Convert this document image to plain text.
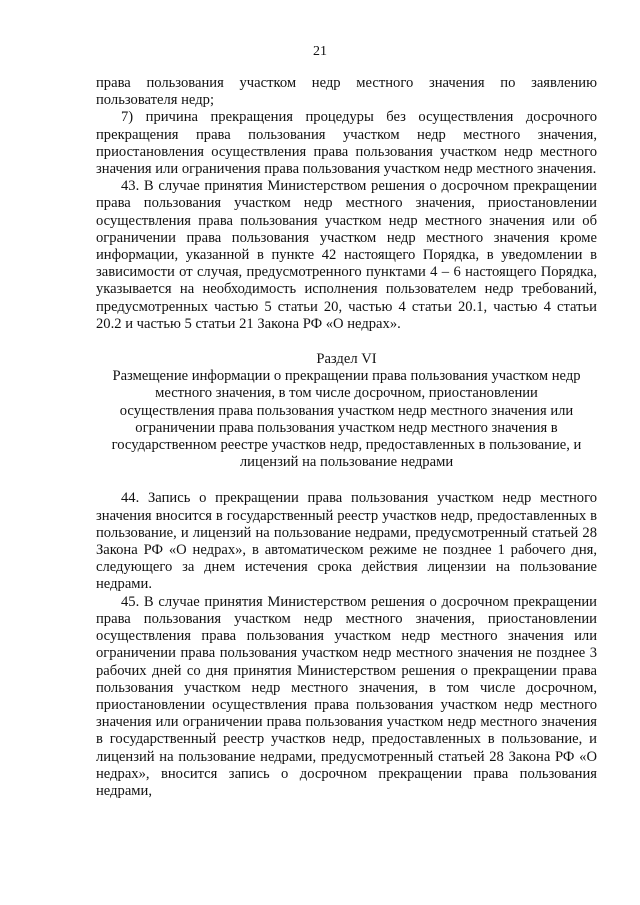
21

права пользования участком недр местного значения по заявлению пользователя недр;

7) причина прекращения процедуры без осуществления досрочного прекращения права пользования участком недр местного значения, приостановления осуществления права пользования участком недр местного значения или ограничения права пользования участком недр местного значения.

43. В случае принятия Министерством решения о досрочном прекращении права пользования участком недр местного значения, приостановлении осуществления права пользования участком недр местного значения или об ограничении права пользования участком недр местного значения кроме информации, указанной в пункте 42 настоящего Порядка, в уведомлении в зависимости от случая, предусмотренного пунктами 4 – 6 настоящего Порядка, указывается на необходимость исполнения пользователем недр требований, предусмотренных частью 5 статьи 20, частью 4 статьи 20.1, частью 4 статьи 20.2 и частью 5 статьи 21 Закона РФ «О недрах».

Раздел VI
Размещение информации о прекращении права пользования участком недр местного значения, в том числе досрочном, приостановлении осуществления права пользования участком недр местного значения или ограничении права пользования участком недр местного значения в государственном реестре участков недр, предоставленных в пользование, и лицензий на пользование недрами

44. Запись о прекращении права пользования участком недр местного значения вносится в государственный реестр участков недр, предоставленных в пользование, и лицензий на пользование недрами, предусмотренный статьей 28 Закона РФ «О недрах», в автоматическом режиме не позднее 1 рабочего дня, следующего за днем истечения срока действия лицензии на пользование недрами.

45. В случае принятия Министерством решения о досрочном прекращении права пользования участком недр местного значения, приостановлении осуществления права пользования участком недр местного значения или ограничении права пользования участком недр местного значения не позднее 3 рабочих дней со дня принятия Министерством решения о прекращении права пользования участком недр местного значения, в том числе досрочном, приостановлении осуществления права пользования участком недр местного значения или ограничении права пользования участком недр местного значения в государственный реестр участков недр, предоставленных в пользование, и лицензий на пользование недрами, предусмотренный статьей 28 Закона РФ «О недрах», вносится запись о досрочном прекращении права пользования недрами,
